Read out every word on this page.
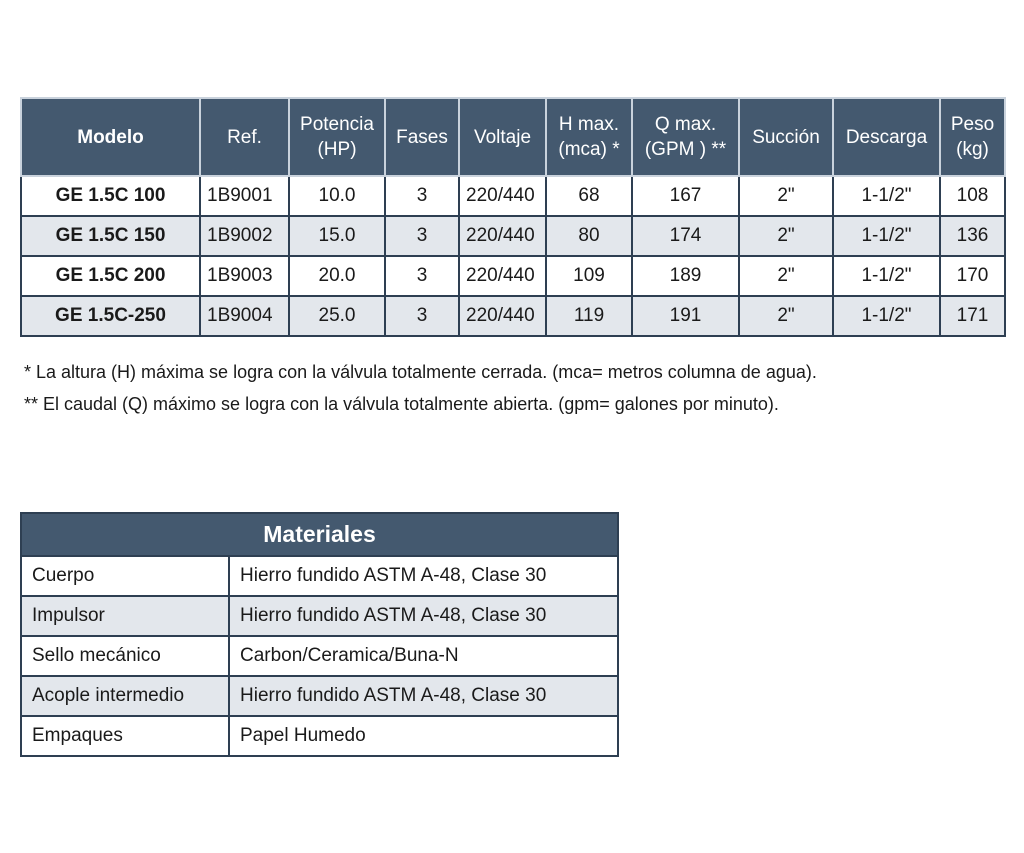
Modelo	Ref.	Potencia (HP)	Fases	Voltaje	H max. (mca) *	Q max. (GPM ) **	Succión	Descarga	Peso (kg)
GE 1.5C 100	1B9001	10.0	3	220/440	68	167	2"	1-1/2"	108
GE 1.5C 150	1B9002	15.0	3	220/440	80	174	2"	1-1/2"	136
GE 1.5C 200	1B9003	20.0	3	220/440	109	189	2"	1-1/2"	170
GE 1.5C-250	1B9004	25.0	3	220/440	119	191	2"	1-1/2"	171
* La altura (H) máxima se logra con la válvula totalmente cerrada. (mca= metros columna de agua).
** El caudal (Q) máximo se logra con la válvula totalmente abierta. (gpm= galones por minuto).
Materiales	
Cuerpo	Hierro fundido ASTM A-48, Clase 30
Impulsor	Hierro fundido ASTM A-48, Clase 30
Sello mecánico	Carbon/Ceramica/Buna-N
Acople intermedio	Hierro fundido ASTM A-48, Clase 30
Empaques	Papel Humedo
